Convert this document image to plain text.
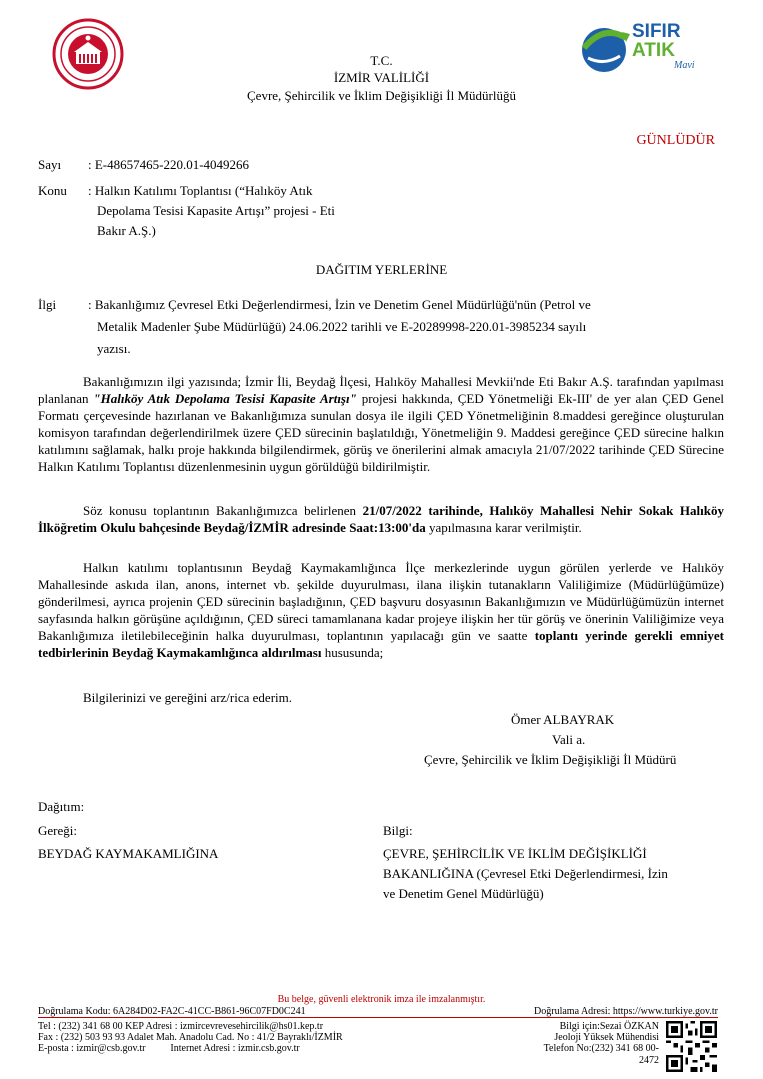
SIFIR
ATIK
Mavi
T.C.
İZMİR VALİLİĞİ
Çevre, Şehircilik ve İklim Değişikliği İl Müdürlüğü
GÜNLÜDÜR
Sayı : E-48657465-220.01-4049266
Konu : Halkın Katılımı Toplantısı (“Halıköy Atık
Depolama Tesisi Kapasite Artışı” projesi - Eti
Bakır A.Ş.)
DAĞITIM YERLERİNE
İlgi : Bakanlığımız Çevresel Etki Değerlendirmesi, İzin ve Denetim Genel Müdürlüğü'nün (Petrol ve
Metalik Madenler Şube Müdürlüğü) 24.06.2022 tarihli ve E-20289998-220.01-3985234 sayılı
yazısı.
Bakanlığımızın ilgi yazısında; İzmir İli, Beydağ İlçesi, Halıköy Mahallesi Mevkii'nde Eti Bakır A.Ş. tarafından yapılması planlanan "Halıköy Atık Depolama Tesisi Kapasite Artışı" projesi hakkında, ÇED Yönetmeliği Ek-III' de yer alan ÇED Genel Formatı çerçevesinde hazırlanan ve Bakanlığımıza sunulan dosya ile ilgili ÇED Yönetmeliğinin 8.maddesi gereğince oluşturulan komisyon tarafından değerlendirilmek üzere ÇED sürecinin başlatıldığı, Yönetmeliğin 9. Maddesi gereğince ÇED sürecine halkın katılımını sağlamak, halkı proje hakkında bilgilendirmek, görüş ve önerilerini almak amacıyla 21/07/2022 tarihinde ÇED Sürecine Halkın Katılımı Toplantısı düzenlenmesinin uygun görüldüğü bildirilmiştir.
Söz konusu toplantının Bakanlığımızca belirlenen 21/07/2022 tarihinde, Halıköy Mahallesi Nehir Sokak Halıköy İlköğretim Okulu bahçesinde Beydağ/İZMİR adresinde Saat:13:00'da yapılmasına karar verilmiştir.
Halkın katılımı toplantısının Beydağ Kaymakamlığınca İlçe merkezlerinde uygun görülen yerlerde ve Halıköy Mahallesinde askıda ilan, anons, internet vb. şekilde duyurulması, ilana ilişkin tutanakların Valiliğimize (Müdürlüğümüze) gönderilmesi, ayrıca projenin ÇED sürecinin başladığının, ÇED başvuru dosyasının Bakanlığımızın ve Müdürlüğümüzün internet sayfasında halkın görüşüne açıldığının, ÇED süreci tamamlanana kadar projeye ilişkin her tür görüş ve önerinin Valiliğimize veya Bakanlığımıza iletilebileceğinin halka duyurulması, toplantının yapılacağı gün ve saatte toplantı yerinde gerekli emniyet tedbirlerinin Beydağ Kaymakamlığınca aldırılması hususunda;
Bilgilerinizi ve gereğini arz/rica ederim.
Ömer ALBAYRAK
Vali a.
Çevre, Şehircilik ve İklim Değişikliği İl Müdürü
Dağıtım:
Gereği:
BEYDAĞ KAYMAKAMLIĞINA
Bilgi:
ÇEVRE, ŞEHİRCİLİK VE İKLİM DEĞİŞİKLİĞİ
BAKANLIĞINA (Çevresel Etki Değerlendirmesi, İzin
ve Denetim Genel Müdürlüğü)
Bu belge, güvenli elektronik imza ile imzalanmıştır.
Doğrulama Kodu: 6A284D02-FA2C-41CC-B861-96C07FD0C241	Doğrulama Adresi: https://www.turkiye.gov.tr
Tel : (232) 341 68 00 KEP Adresi : izmircevrevesehircilik@hs01.kep.tr
Fax : (232) 503 93 93 Adalet Mah. Anadolu Cad. No : 41/2 Bayraklı/İZMİR
E-posta : izmir@csb.gov.tr          Internet Adresi : izmir.csb.gov.tr
Bilgi için:Sezai ÖZKAN
Jeoloji Yüksek Mühendisi
Telefon No:(232) 341 68 00-
2472
